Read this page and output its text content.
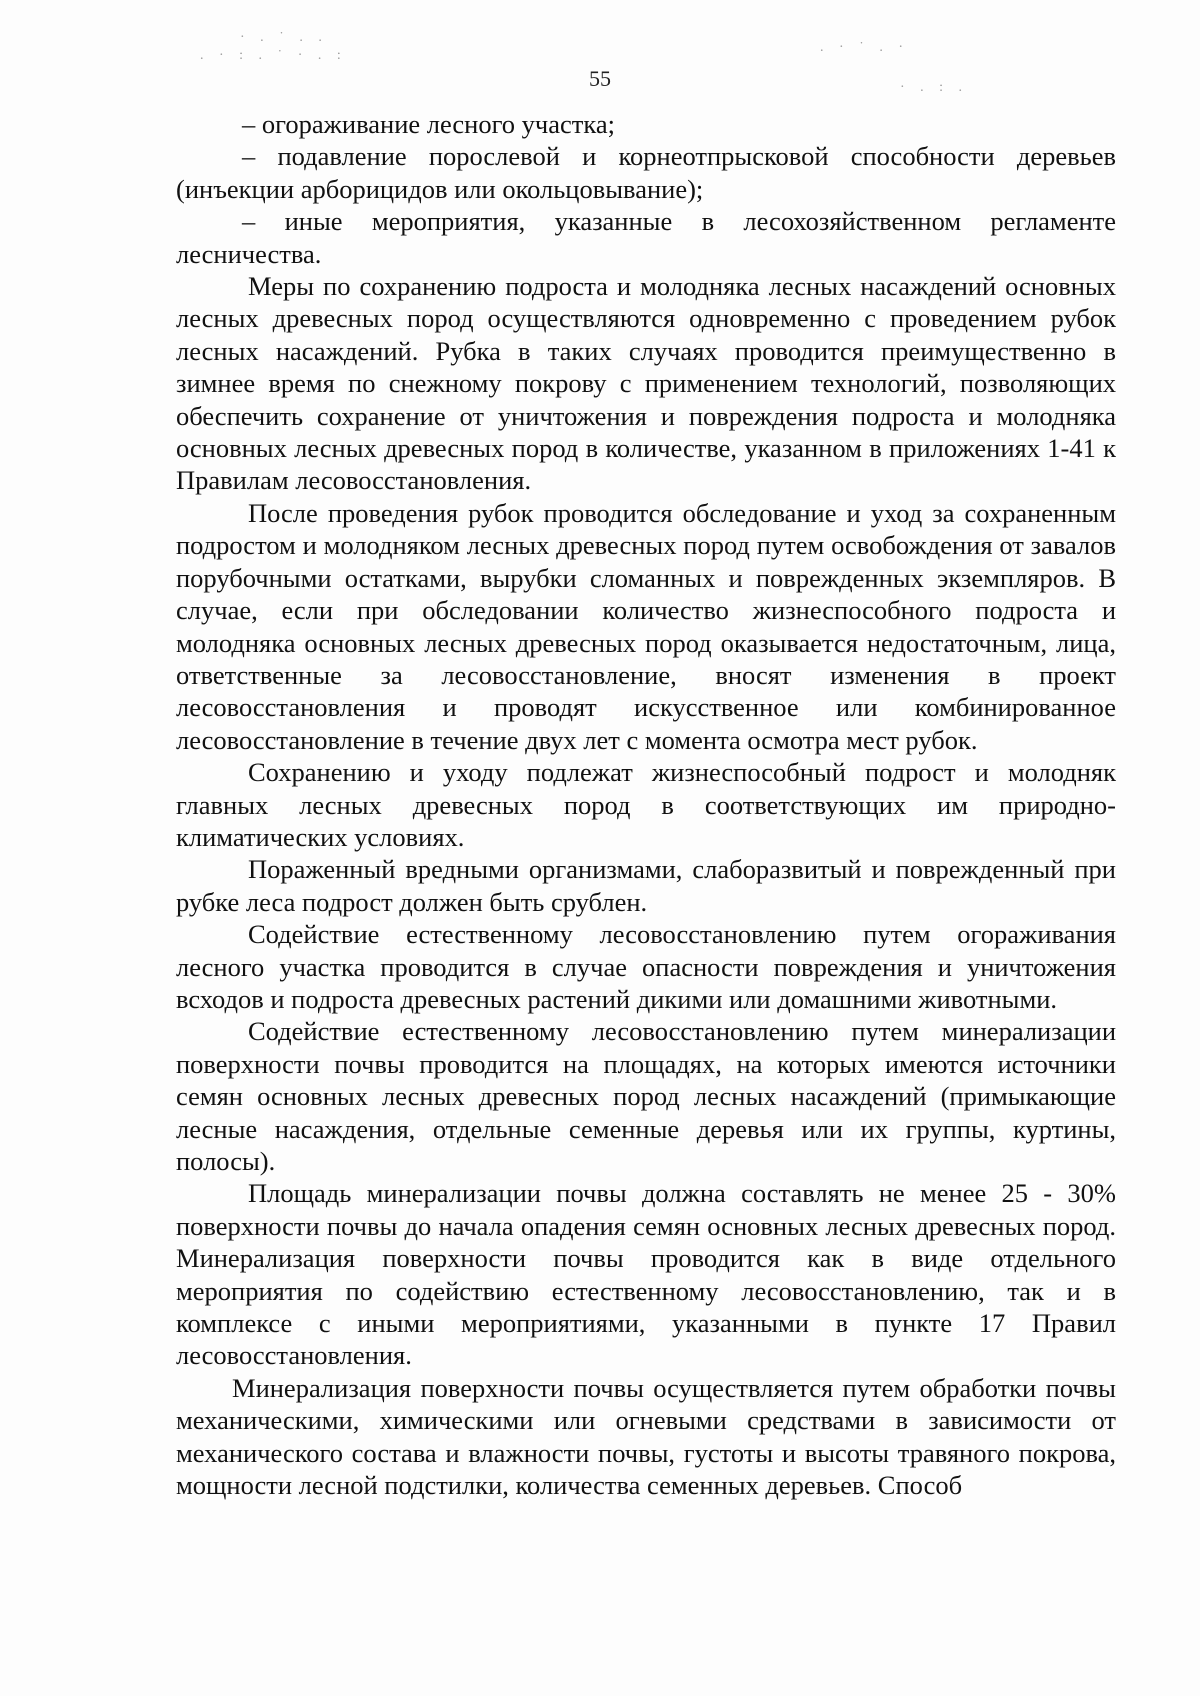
· . ˙ . .
. · : . ˙ · . :
. · ˙ . ·
· . : .
55

– огораживание лесного участка;

– подавление порослевой и корнеотпрысковой способности деревьев (инъекции арборицидов или окольцовывание);

– иные мероприятия, указанные в лесохозяйственном регламенте лесничества.

Меры по сохранению подроста и молодняка лесных насаждений основных лесных древесных пород осуществляются одновременно с проведением рубок лесных насаждений. Рубка в таких случаях проводится преимущественно в зимнее время по снежному покрову с применением технологий, позволяющих обеспечить сохранение от уничтожения и повреждения подроста и молодняка основных лесных древесных пород в количестве, указанном в приложениях 1-41 к Правилам лесовосстановления.

После проведения рубок проводится обследование и уход за сохраненным подростом и молодняком лесных древесных пород путем освобождения от завалов порубочными остатками, вырубки сломанных и поврежденных экземпляров. В случае, если при обследовании количество жизнеспособного подроста и молодняка основных лесных древесных пород оказывается недостаточным, лица, ответственные за лесовосстановление, вносят изменения в проект лесовосстановления и проводят искусственное или комбинированное лесовосстановление в течение двух лет с момента осмотра мест рубок.

Сохранению и уходу подлежат жизнеспособный подрост и молодняк главных лесных древесных пород в соответствующих им природно-климатических условиях.

Пораженный вредными организмами, слаборазвитый и поврежденный при рубке леса подрост должен быть срублен.

Содействие естественному лесовосстановлению путем огораживания лесного участка проводится в случае опасности повреждения и уничтожения всходов и подроста древесных растений дикими или домашними животными.

Содействие естественному лесовосстановлению путем минерализации поверхности почвы проводится на площадях, на которых имеются источники семян основных лесных древесных пород лесных насаждений (примыкающие лесные насаждения, отдельные семенные деревья или их группы, куртины, полосы).

Площадь минерализации почвы должна составлять не менее 25 - 30% поверхности почвы до начала опадения семян основных лесных древесных пород. Минерализация поверхности почвы проводится как в виде отдельного мероприятия по содействию естественному лесовосстановлению, так и в комплексе с иными мероприятиями, указанными в пункте 17 Правил лесовосстановления.

Минерализация поверхности почвы осуществляется путем обработки почвы механическими, химическими или огневыми средствами в зависимости от механического состава и влажности почвы, густоты и высоты травяного покрова, мощности лесной подстилки, количества семенных деревьев. Способ
